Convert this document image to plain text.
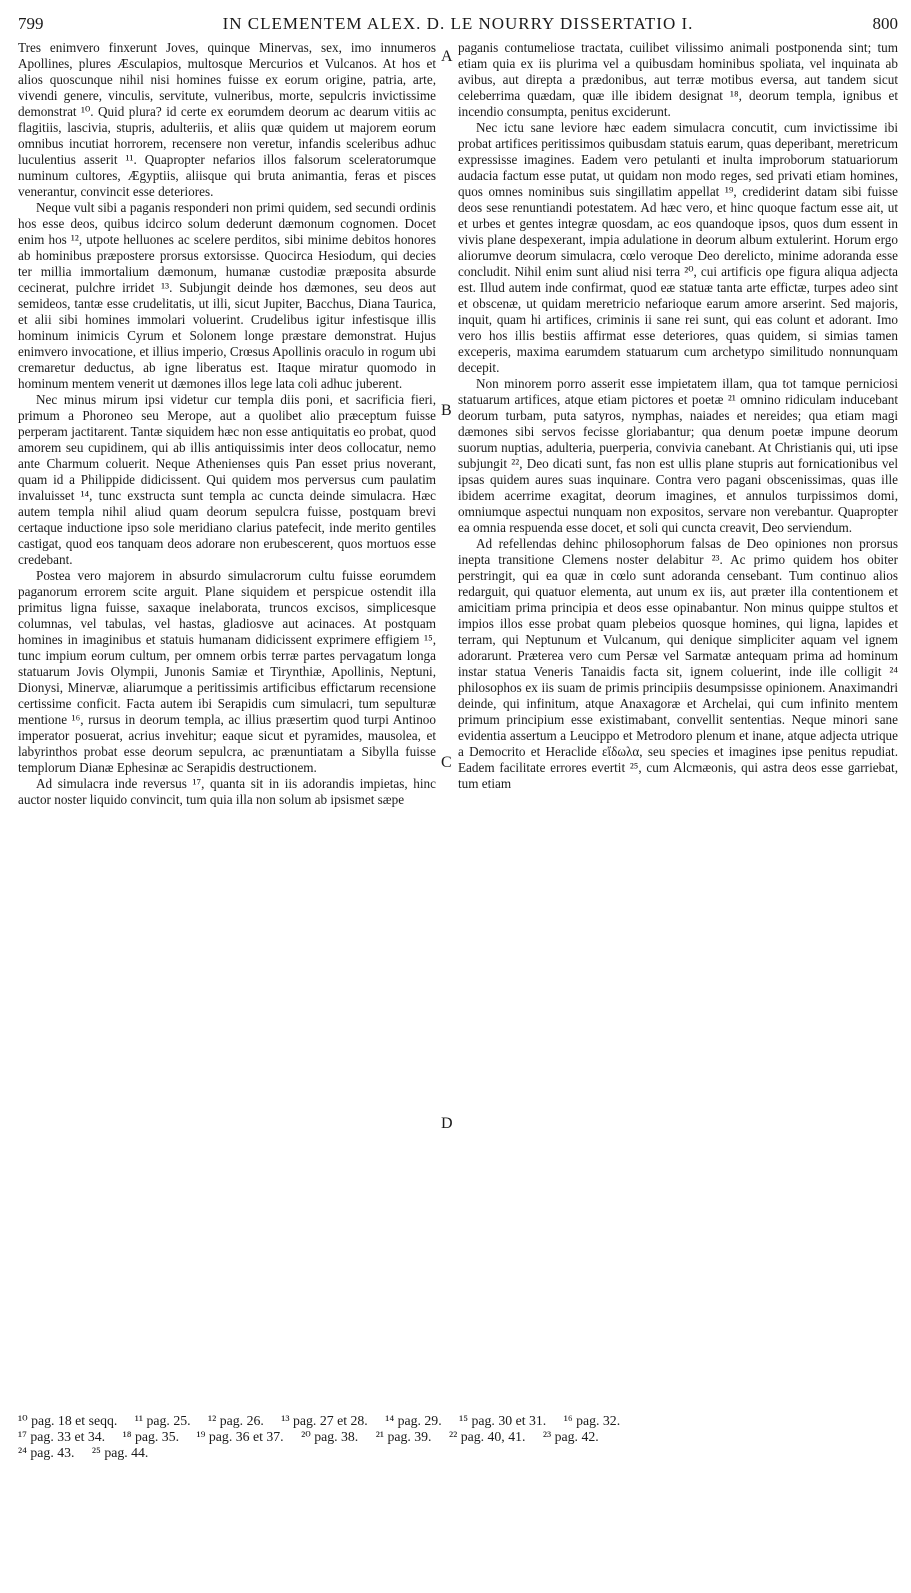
799	IN CLEMENTEM ALEX. D. LE NOURRY DISSERTATIO I.	800

Tres enimvero finxerunt Joves, quinque Minervas, sex, imo innumeros Apollines, plures Æsculapios, multosque Mercurios et Vulcanos. At hos et alios quoscunque nihil nisi homines fuisse ex eorum origine, patria, arte, vivendi genere, vinculis, servitute, vulneribus, morte, sepulcris invictissime demonstrat ¹⁰. Quid plura? id certe ex eorumdem deorum ac dearum vitiis ac flagitiis, lascivia, stupris, adulteriis, et aliis quæ quidem ut majorem eorum omnibus incutiat horrorem, recensere non veretur, infandis sceleribus adhuc luculentius asserit ¹¹. Quapropter nefarios illos falsorum sceleratorumque numinum cultores, Ægyptiis, aliisque qui bruta animantia, feras et pisces venerantur, convincit esse deteriores.

Neque vult sibi a paganis responderi non primi quidem, sed secundi ordinis hos esse deos, quibus idcirco solum dederunt dæmonum cognomen. Docet enim hos ¹², utpote helluones ac scelere perditos, sibi minime debitos honores ab hominibus præposterе prorsus extorsisse. Quocirca Hesiodum, qui decies ter millia immortalium dæmonum, humanæ custodiæ præposita absurde cecinerat, pulchre irridet ¹³. Subjungit deinde hos dæmones, seu deos aut semideos, tantæ esse crudelitatis, ut illi, sicut Jupiter, Bacchus, Diana Taurica, et alii sibi homines immolari voluerint. Crudelibus igitur infestisque illis hominum inimicis Cyrum et Solonem longe præstare demonstrat. Hujus enimvero invocatione, et illius imperio, Crœsus Apollinis oraculo in rogum ubi cremaretur deductus, ab igne liberatus est. Itaque miratur quomodo in hominum mentem venerit ut dæmones illos lege lata coli adhuc juberent.

Nec minus mirum ipsi videtur cur templa diis poni, et sacrificia fieri, primum a Phoroneo seu Merope, aut a quolibet alio præceptum fuisse perperam jactitarent. Tantæ siquidem hæc non esse antiquitatis eo probat, quod amorem seu cupidinem, qui ab illis antiquissimis inter deos collocatur, nemo ante Charmum coluerit. Neque Athenienses quis Pan esset prius noverant, quam id a Philippide didicissent. Qui quidem mos perversus cum paulatim invaluisset ¹⁴, tunc exstructa sunt templa ac cuncta deinde simulacra. Hæc autem templa nihil aliud quam deorum sepulcra fuisse, postquam brevi certaque inductione ipso sole meridiano clarius patefecit, inde merito gentiles castigat, quod eos tanquam deos adorare non erubescerent, quos mortuos esse credebant.

Postea vero majorem in absurdo simulacrorum cultu fuisse eorumdem paganorum errorem scite arguit. Plane siquidem et perspicue ostendit illa primitus ligna fuisse, saxaque inelaborata, truncos excisos, simplicesque columnas, vel tabulas, vel hastas, gladiosve aut acinaces. At postquam homines in imaginibus et statuis humanam didicissent exprimere effigiem ¹⁵, tunc impium eorum cultum, per omnem orbis terræ partes pervagatum longa statuarum Jovis Olympii, Junonis Samiæ et Tirynthiæ, Apollinis, Neptuni, Dionysi, Minervæ, aliarumque a peritissimis artificibus effictarum recensione certissime conficit. Facta autem ibi Serapidis cum simulacri, tum sepulturæ mentione ¹⁶, rursus in deorum templa, ac illius præsertim quod turpi Antinoo imperator posuerat, acrius invehitur; eaque sicut et pyramides, mausolea, et labyrinthos probat esse deorum sepulcra, ac prænuntiatam a Sibylla fuisse templorum Dianæ Ephesinæ ac Serapidis destructionem.

Ad simulacra inde reversus ¹⁷, quanta sit in iis adorandis impietas, hinc auctor noster liquido convincit, tum quia illa non solum ab ipsismet sæpe

A
B
C
D

paganis contumeliose tractata, cuilibet vilissimo animali postponenda sint; tum etiam quia ex iis plurima vel a quibusdam hominibus spoliata, vel inquinata ab avibus, aut direpta a prædonibus, aut terræ motibus eversa, aut tandem sicut celeberrima quædam, quæ ille ibidem designat ¹⁸, deorum templa, ignibus et incendio consumpta, penitus exciderunt.

Nec ictu sane leviore hæc eadem simulacra concutit, cum invictissime ibi probat artifices peritissimos quibusdam statuis earum, quas deperibant, meretricum expressisse imagines. Eadem vero petulanti et inulta improborum statuariorum audacia factum esse putat, ut quidam non modo reges, sed privati etiam homines, quos omnes nominibus suis singillatim appellat ¹⁹, crediderint datam sibi fuisse deos sese renuntiandi potestatem. Ad hæc vero, et hinc quoque factum esse ait, ut et urbes et gentes integræ quosdam, ac eos quandoque ipsos, quos dum essent in vivis plane despexerant, impia adulatione in deorum album extulerint. Horum ergo aliorumve deorum simulacra, cœlo veroque Deo derelicto, minime adoranda esse concludit. Nihil enim sunt aliud nisi terra ²⁰, cui artificis ope figura aliqua adjecta est. Illud autem inde confirmat, quod eæ statuæ tanta arte effictæ, turpes adeo sint et obscenæ, ut quidam meretricio nefarioque earum amore arserint. Sed majoris, inquit, quam hi artifices, criminis ii sane rei sunt, qui eas colunt et adorant. Imo vero hos illis bestiis affirmat esse deteriores, quas quidem, si simias tamen exceperis, maxima earumdem statuarum cum archetypo similitudo nonnunquam decepit.

Non minorem porro asserit esse impietatem illam, qua tot tamque perniciosi statuarum artifices, atque etiam pictores et poetæ ²¹ omnino ridiculam inducebant deorum turbam, puta satyros, nymphas, naiades et nereides; qua etiam magi dæmones sibi servos fecisse gloriabantur; qua denum poetæ impune deorum suorum nuptias, adulteria, puerperia, convivia canebant. At Christianis qui, uti ipse subjungit ²², Deo dicati sunt, fas non est ullis plane stupris aut fornicationibus vel ipsas quidem aures suas inquinare. Contra vero pagani obscenissimas, quas ille ibidem acerrime exagitat, deorum imagines, et annulos turpissimos domi, omniumque aspectui nunquam non expositos, servare non verebantur. Quapropter ea omnia respuenda esse docet, et soli qui cuncta creavit, Deo serviendum.

Ad refellendas dehinc philosophorum falsas de Deo opiniones non prorsus inepta transitione Clemens noster delabitur ²³. Ac primo quidem hos obiter perstringit, qui ea quæ in cœlo sunt adoranda censebant. Tum continuo alios redarguit, qui quatuor elementa, aut unum ex iis, aut præter illa contentionem et amicitiam prima principia et deos esse opinabantur. Non minus quippe stultos et impios illos esse probat quam plebeios quosque homines, qui ligna, lapides et terram, qui Neptunum et Vulcanum, qui denique simpliciter aquam vel ignem adorarunt. Præterea vero cum Persæ vel Sarmatæ antequam prima ad hominum instar statua Veneris Tanaidis facta sit, ignem coluerint, inde ille colligit ²⁴ philosophos ex iis suam de primis principiis desumpsisse opinionem. Anaximandri deinde, qui infinitum, atque Anaxagoræ et Archelai, qui cum infinito mentem primum principium esse existimabant, convellit sententias. Neque minori sane evidentia assertum a Leucippo et Metrodoro plenum et inane, atque adjecta utrique a Democrito et Heraclide εἴδωλα, seu species et imagines ipse penitus repudiat. Eadem facilitate errores evertit ²⁵, cum Alcmæonis, qui astra deos esse garriebat, tum etiam

¹⁰ pag. 18 et seqq. ¹¹ pag. 25. ¹² pag. 26. ¹³ pag. 27 et 28. ¹⁴ pag. 29. ¹⁵ pag. 30 et 31. ¹⁶ pag. 32.
¹⁷ pag. 33 et 34. ¹⁸ pag. 35. ¹⁹ pag. 36 et 37. ²⁰ pag. 38. ²¹ pag. 39. ²² pag. 40, 41. ²³ pag. 42.
²⁴ pag. 43. ²⁵ pag. 44.
